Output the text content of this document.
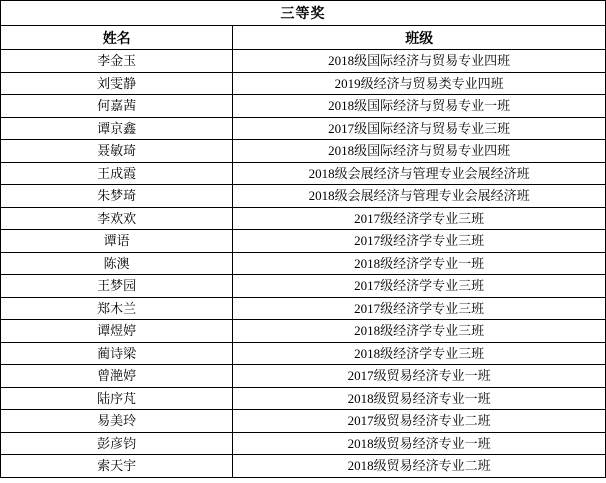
三等奖	
姓名	班级
李金玉	2018级国际经济与贸易专业四班
刘雯静	2019级经济与贸易类专业四班
何嘉茜	2018级国际经济与贸易专业一班
谭京鑫	2017级国际经济与贸易专业三班
聂敏琦	2018级国际经济与贸易专业四班
王成霞	2018级会展经济与管理专业会展经济班
朱梦琦	2018级会展经济与管理专业会展经济班
李欢欢	2017级经济学专业三班
谭语	2017级经济学专业三班
陈澳	2018级经济学专业一班
王梦园	2017级经济学专业三班
郑木兰	2017级经济学专业三班
谭煜婷	2018级经济学专业三班
蔺诗梁	2018级经济学专业三班
曾滟婷	2017级贸易经济专业一班
陆序芃	2018级贸易经济专业一班
易美玲	2017级贸易经济专业二班
彭彦钧	2018级贸易经济专业一班
索天宇	2018级贸易经济专业二班
